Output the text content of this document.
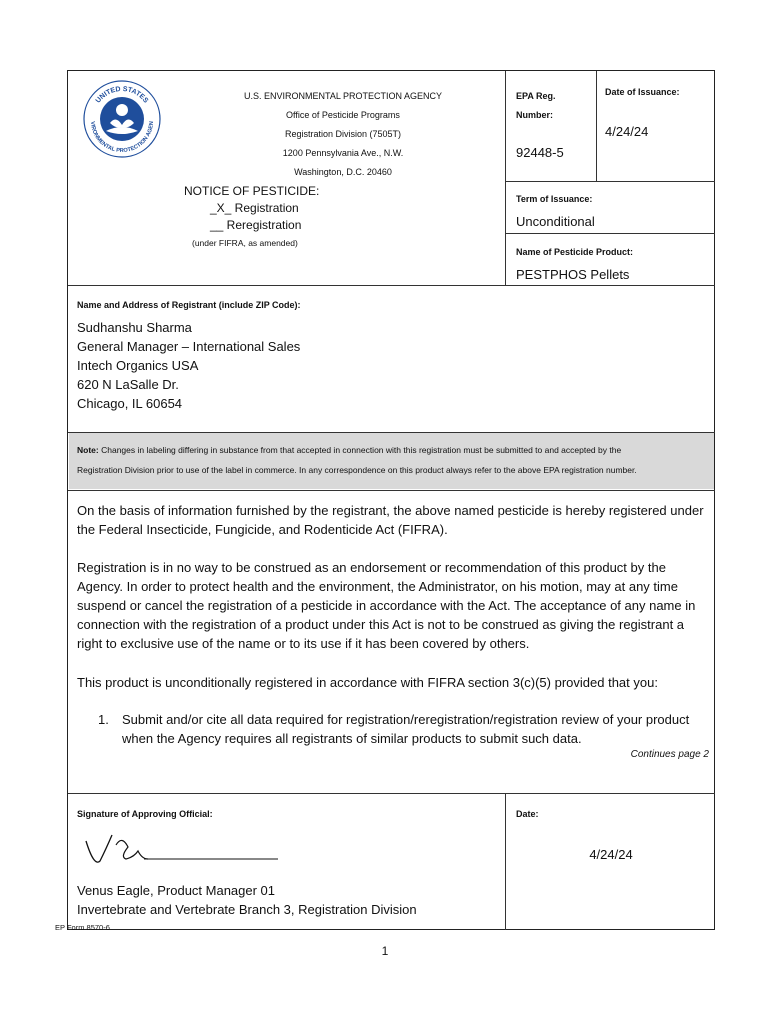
UNITED STATES
VIRONMENTAL PROTECTION AGEN
U.S. ENVIRONMENTAL PROTECTION AGENCY
Office of Pesticide Programs
Registration Division (7505T)
1200 Pennsylvania Ave., N.W.
Washington, D.C. 20460
NOTICE OF PESTICIDE:
_X_ Registration
__ Reregistration
(under FIFRA, as amended)
EPA Reg.
Number:
92448-5
Date of Issuance:
4/24/24
Term of Issuance:
Unconditional
Name of Pesticide Product:
PESTPHOS Pellets
Name and Address of Registrant (include ZIP Code):
Sudhanshu Sharma
General Manager – International Sales
Intech Organics USA
620 N LaSalle Dr.
Chicago, IL 60654
Note: Changes in labeling differing in substance from that accepted in connection with this registration must be submitted to and accepted by the
Registration Division prior to use of the label in commerce. In any correspondence on this product always refer to the above EPA registration number.
On the basis of information furnished by the registrant, the above named pesticide is hereby registered under the Federal Insecticide, Fungicide, and Rodenticide Act (FIFRA).
Registration is in no way to be construed as an endorsement or recommendation of this product by the Agency. In order to protect health and the environment, the Administrator, on his motion, may at any time suspend or cancel the registration of a pesticide in accordance with the Act. The acceptance of any name in connection with the registration of a product under this Act is not to be construed as giving the registrant a right to exclusive use of the name or to its use if it has been covered by others.
This product is unconditionally registered in accordance with FIFRA section 3(c)(5) provided that you:
1. Submit and/or cite all data required for registration/reregistration/registration review of your product when the Agency requires all registrants of similar products to submit such data.
Continues page 2
Signature of Approving Official:
Venus Eagle, Product Manager 01
Invertebrate and Vertebrate Branch 3, Registration Division
Date:
4/24/24
EP Form 8570-6
1
